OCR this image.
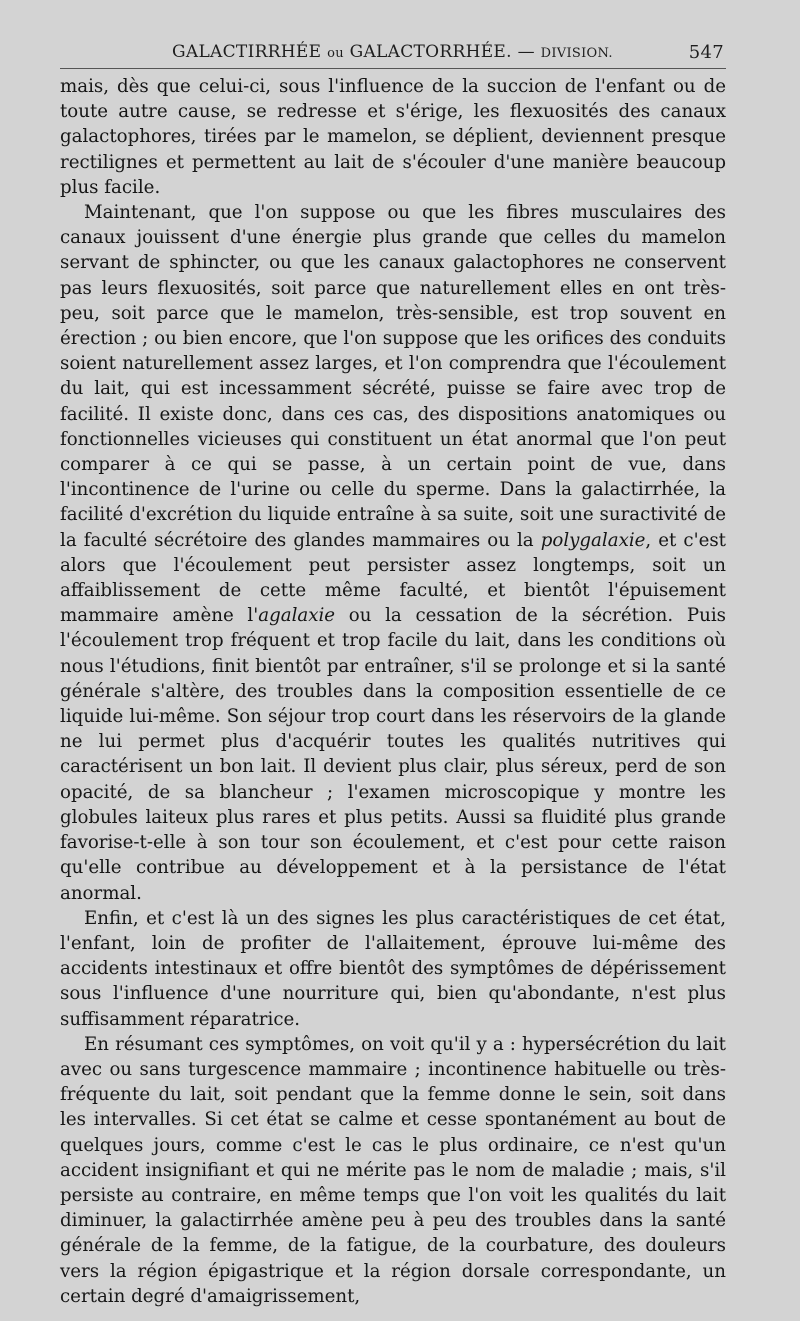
GALACTIRRHÉE ou GALACTORRHÉE. — DIVISION.	547

mais, dès que celui-ci, sous l'influence de la succion de l'enfant ou de toute autre cause, se redresse et s'érige, les flexuosités des canaux galactophores, tirées par le mamelon, se déplient, deviennent presque rectilignes et permettent au lait de s'écouler d'une manière beaucoup plus facile.

Maintenant, que l'on suppose ou que les fibres musculaires des canaux jouissent d'une énergie plus grande que celles du mamelon servant de sphincter, ou que les canaux galactophores ne conservent pas leurs flexuosités, soit parce que naturellement elles en ont très-peu, soit parce que le mamelon, très-sensible, est trop souvent en érection ; ou bien encore, que l'on suppose que les orifices des conduits soient naturellement assez larges, et l'on comprendra que l'écoulement du lait, qui est incessamment sécrété, puisse se faire avec trop de facilité. Il existe donc, dans ces cas, des dispositions anatomiques ou fonctionnelles vicieuses qui constituent un état anormal que l'on peut comparer à ce qui se passe, à un certain point de vue, dans l'incontinence de l'urine ou celle du sperme. Dans la galactirrhée, la facilité d'excrétion du liquide entraîne à sa suite, soit une suractivité de la faculté sécrétoire des glandes mammaires ou la polygalaxie, et c'est alors que l'écoulement peut persister assez longtemps, soit un affaiblissement de cette même faculté, et bientôt l'épuisement mammaire amène l'agalaxie ou la cessation de la sécrétion. Puis l'écoulement trop fréquent et trop facile du lait, dans les conditions où nous l'étudions, finit bientôt par entraîner, s'il se prolonge et si la santé générale s'altère, des troubles dans la composition essentielle de ce liquide lui-même. Son séjour trop court dans les réservoirs de la glande ne lui permet plus d'acquérir toutes les qualités nutritives qui caractérisent un bon lait. Il devient plus clair, plus séreux, perd de son opacité, de sa blancheur ; l'examen microscopique y montre les globules laiteux plus rares et plus petits. Aussi sa fluidité plus grande favorise-t-elle à son tour son écoulement, et c'est pour cette raison qu'elle contribue au développement et à la persistance de l'état anormal.

Enfin, et c'est là un des signes les plus caractéristiques de cet état, l'enfant, loin de profiter de l'allaitement, éprouve lui-même des accidents intestinaux et offre bientôt des symptômes de dépérissement sous l'influence d'une nourriture qui, bien qu'abondante, n'est plus suffisamment réparatrice.

En résumant ces symptômes, on voit qu'il y a : hypersécrétion du lait avec ou sans turgescence mammaire ; incontinence habituelle ou très-fréquente du lait, soit pendant que la femme donne le sein, soit dans les intervalles. Si cet état se calme et cesse spontanément au bout de quelques jours, comme c'est le cas le plus ordinaire, ce n'est qu'un accident insignifiant et qui ne mérite pas le nom de maladie ; mais, s'il persiste au contraire, en même temps que l'on voit les qualités du lait diminuer, la galactirrhée amène peu à peu des troubles dans la santé générale de la femme, de la fatigue, de la courbature, des douleurs vers la région épigastrique et la région dorsale correspondante, un certain degré d'amaigrissement,
